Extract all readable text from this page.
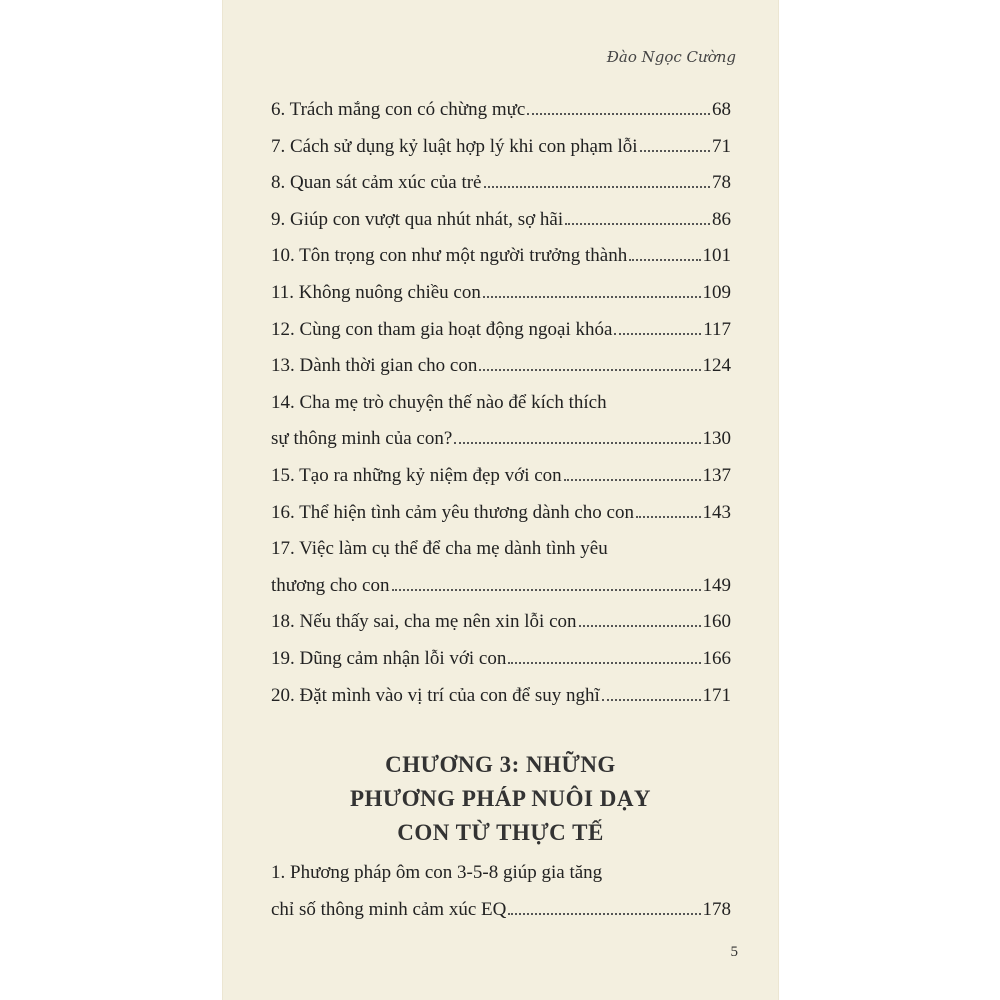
Đào Ngọc Cường
6. Trách mắng con có chừng mực	68
7. Cách sử dụng kỷ luật hợp lý khi con phạm lỗi	71
8. Quan sát cảm xúc của trẻ	78
9. Giúp con vượt qua nhút nhát, sợ hãi	86
10. Tôn trọng con như một người trưởng thành	101
11. Không nuông chiều con	109
12. Cùng con tham gia hoạt động ngoại khóa	117
13. Dành thời gian cho con	124
14. Cha mẹ trò chuyện thế nào để kích thích
sự thông minh của con?	130
15. Tạo ra những kỷ niệm đẹp với con	137
16. Thể hiện tình cảm yêu thương dành cho con	143
17. Việc làm cụ thể để cha mẹ dành tình yêu
thương cho con	149
18. Nếu thấy sai, cha mẹ nên xin lỗi con	160
19. Dũng cảm nhận lỗi với con	166
20. Đặt mình vào vị trí của con để suy nghĩ	171
CHƯƠNG 3: NHỮNG
PHƯƠNG PHÁP NUÔI DẠY
CON TỪ THỰC TẾ
1. Phương pháp ôm con 3-5-8 giúp gia tăng
chỉ số thông minh cảm xúc EQ	178
5
